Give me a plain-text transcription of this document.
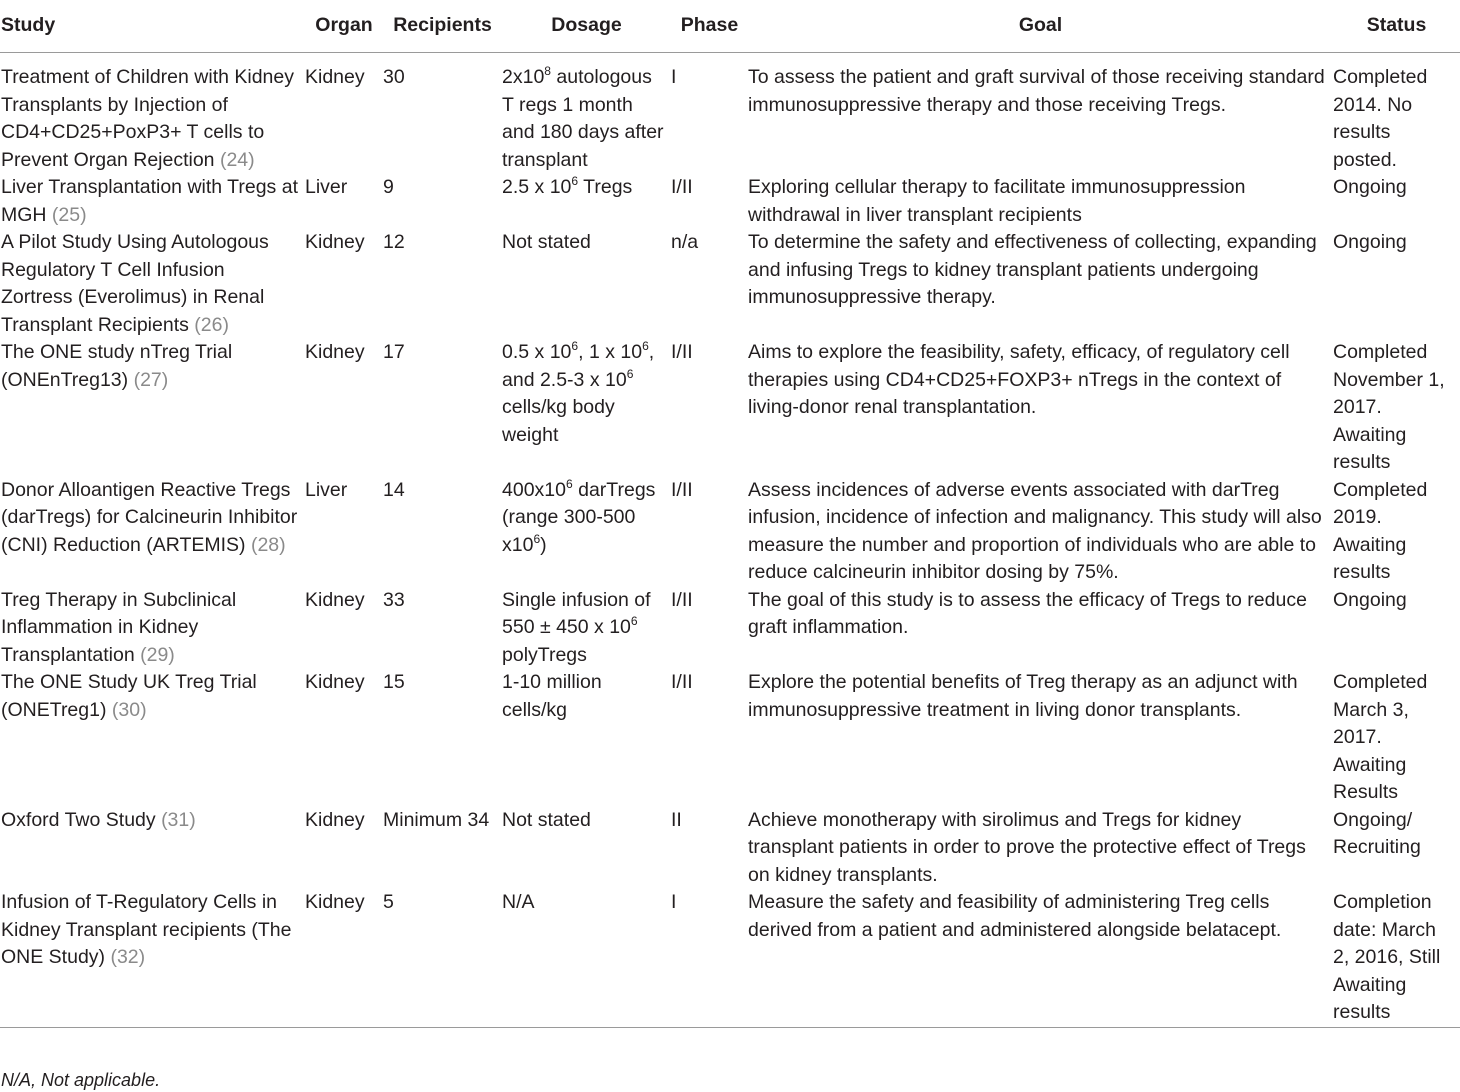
Study	Organ	Recipients	Dosage	Phase	Goal	Status
Treatment of Children with Kidney Transplants by Injection of CD4+CD25+PoxP3+ T cells to Prevent Organ Rejection (24)	Kidney	30	$2x10^8$ autologous T regs 1 month and 180 days after transplant	I	To assess the patient and graft survival of those receiving standard immunosuppressive therapy and those receiving Tregs.	Completed 2014. No results posted.
Liver Transplantation with Tregs at MGH (25)	Liver	9	2.5 x $10^6$ Tregs	I/II	Exploring cellular therapy to facilitate immunosuppression withdrawal in liver transplant recipients	Ongoing
A Pilot Study Using Autologous Regulatory T Cell Infusion Zortress (Everolimus) in Renal Transplant Recipients (26)	Kidney	12	Not stated	n/a	To determine the safety and effectiveness of collecting, expanding and infusing Tregs to kidney transplant patients undergoing immunosuppressive therapy.	Ongoing
The ONE study nTreg Trial (ONEnTreg13) (27)	Kidney	17	0.5 x $10^6$, 1 x $10^6$, and 2.5-3 x $10^6$ cells/kg body weight	I/II	Aims to explore the feasibility, safety, efficacy, of regulatory cell therapies using CD4+CD25+FOXP3+ nTregs in the context of living-donor renal transplantation.	Completed November 1, 2017. Awaiting results
Donor Alloantigen Reactive Tregs (darTregs) for Calcineurin Inhibitor (CNI) Reduction (ARTEMIS) (28)	Liver	14	$400x10^6$ darTregs (range 300-500 $x10^6$)	I/II	Assess incidences of adverse events associated with darTreg infusion, incidence of infection and malignancy. This study will also measure the number and proportion of individuals who are able to reduce calcineurin inhibitor dosing by 75%.	Completed 2019. Awaiting results
Treg Therapy in Subclinical Inflammation in Kidney Transplantation (29)	Kidney	33	Single infusion of 550 ± 450 x $10^6$ polyTregs	I/II	The goal of this study is to assess the efficacy of Tregs to reduce graft inflammation.	Ongoing
The ONE Study UK Treg Trial (ONETreg1) (30)	Kidney	15	1-10 million cells/kg	I/II	Explore the potential benefits of Treg therapy as an adjunct with immunosuppressive treatment in living donor transplants.	Completed March 3, 2017. Awaiting Results
Oxford Two Study (31)	Kidney	Minimum 34	Not stated	II	Achieve monotherapy with sirolimus and Tregs for kidney transplant patients in order to prove the protective effect of Tregs on kidney transplants.	Ongoing/ Recruiting
Infusion of T-Regulatory Cells in Kidney Transplant recipients (The ONE Study) (32)	Kidney	5	N/A	I	Measure the safety and feasibility of administering Treg cells derived from a patient and administered alongside belatacept.	Completion date: March 2, 2016, Still Awaiting results
N/A, Not applicable.
